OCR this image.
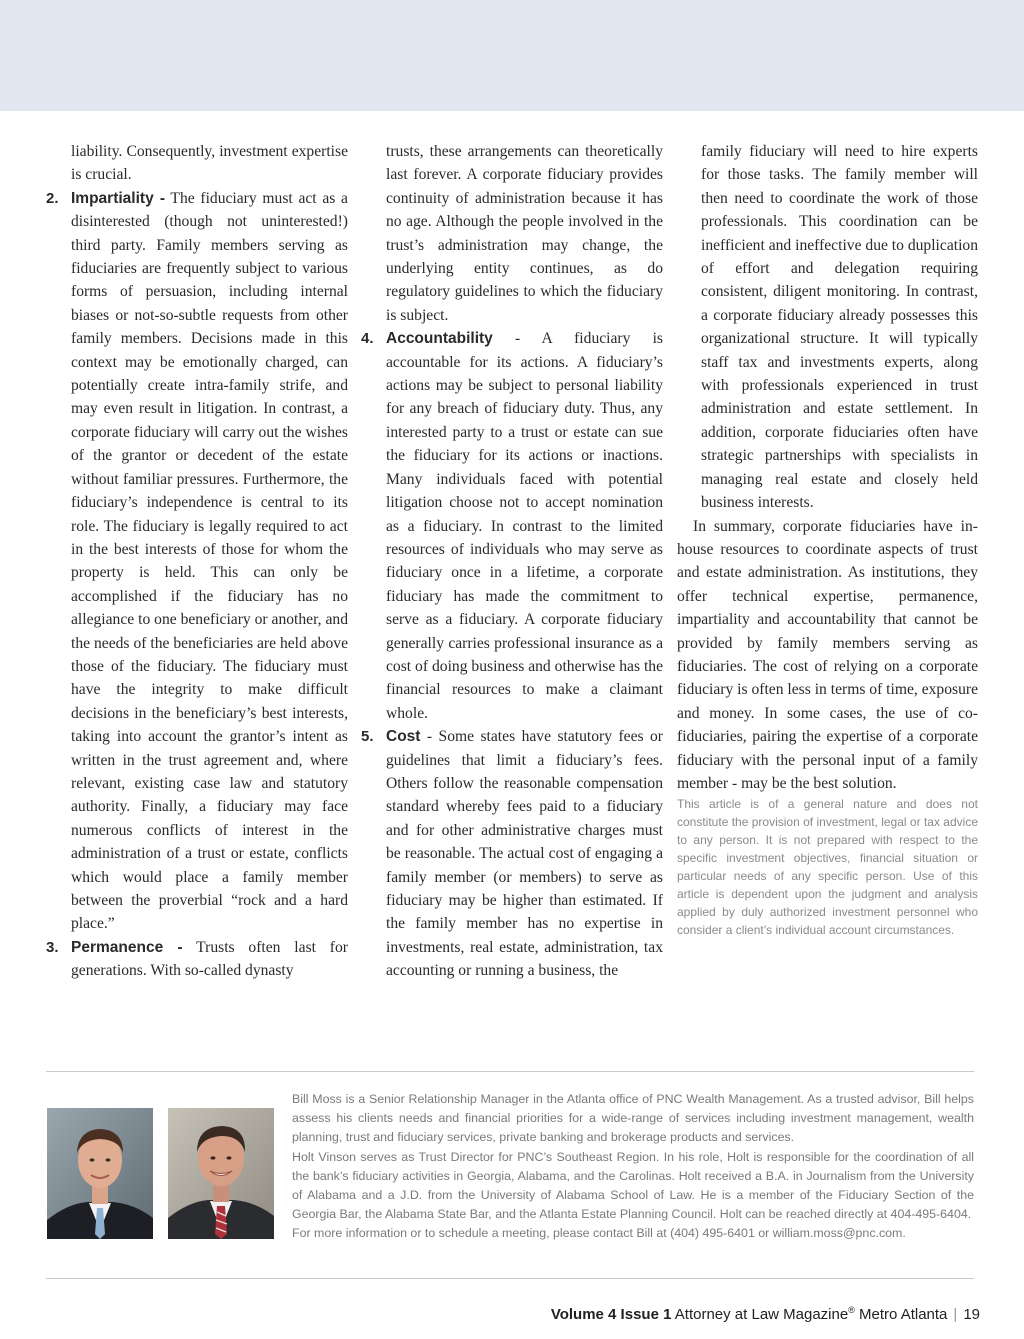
liability. Consequently, investment expertise is crucial.

2. Impartiality - The fiduciary must act as a disinterested (though not uninterested!) third party. Family members serving as fiduciaries are frequently subject to various forms of persuasion, including internal biases or not-so-subtle requests from other family members. Decisions made in this context may be emotionally charged, can potentially create intra-family strife, and may even result in litigation. In contrast, a corporate fiduciary will carry out the wishes of the grantor or decedent of the estate without familiar pressures. Furthermore, the fiduciary’s independence is central to its role. The fiduciary is legally required to act in the best interests of those for whom the property is held. This can only be accomplished if the fiduciary has no allegiance to one beneficiary or another, and the needs of the beneficiaries are held above those of the fiduciary. The fiduciary must have the integrity to make difficult decisions in the beneficiary’s best interests, taking into account the grantor’s intent as written in the trust agreement and, where relevant, existing case law and statutory authority. Finally, a fiduciary may face numerous conflicts of interest in the administration of a trust or estate, conflicts which would place a family member between the proverbial “rock and a hard place.”

3. Permanence - Trusts often last for generations. With so-called dynasty

trusts, these arrangements can theoretically last forever. A corporate fiduciary provides continuity of administration because it has no age. Although the people involved in the trust’s administration may change, the underlying entity continues, as do regulatory guidelines to which the fiduciary is subject.

4. Accountability - A fiduciary is accountable for its actions. A fiduciary’s actions may be subject to personal liability for any breach of fiduciary duty. Thus, any interested party to a trust or estate can sue the fiduciary for its actions or inactions. Many individuals faced with potential litigation choose not to accept nomination as a fiduciary. In contrast to the limited resources of individuals who may serve as fiduciary once in a lifetime, a corporate fiduciary has made the commitment to serve as a fiduciary. A corporate fiduciary generally carries professional insurance as a cost of doing business and otherwise has the financial resources to make a claimant whole.

5. Cost - Some states have statutory fees or guidelines that limit a fiduciary’s fees. Others follow the reasonable compensation standard whereby fees paid to a fiduciary and for other administrative charges must be reasonable. The actual cost of engaging a family member (or members) to serve as fiduciary may be higher than estimated. If the family member has no expertise in investments, real estate, administration, tax accounting or running a business, the

family fiduciary will need to hire experts for those tasks. The family member will then need to coordinate the work of those professionals. This coordination can be inefficient and ineffective due to duplication of effort and delegation requiring consistent, diligent monitoring. In contrast, a corporate fiduciary already possesses this organizational structure. It will typically staff tax and investments experts, along with professionals experienced in trust administration and estate settlement. In addition, corporate fiduciaries often have strategic partnerships with specialists in managing real estate and closely held business interests.

In summary, corporate fiduciaries have in-house resources to coordinate aspects of trust and estate administration. As institutions, they offer technical expertise, permanence, impartiality and accountability that cannot be provided by family members serving as fiduciaries. The cost of relying on a corporate fiduciary is often less in terms of time, exposure and money. In some cases, the use of co-fiduciaries, pairing the expertise of a corporate fiduciary with the personal input of a family member - may be the best solution.

This article is of a general nature and does not constitute the provision of investment, legal or tax advice to any person. It is not prepared with respect to the specific investment objectives, financial situation or particular needs of any specific person. Use of this article is dependent upon the judgment and analysis applied by duly authorized investment personnel who consider a client’s individual account circumstances.

Bill Moss is a Senior Relationship Manager in the Atlanta office of PNC Wealth Management. As a trusted advisor, Bill helps assess his clients needs and financial priorities for a wide-range of services including investment management, wealth planning, trust and fiduciary services, private banking and brokerage products and services.

Holt Vinson serves as Trust Director for PNC’s Southeast Region. In his role, Holt is responsible for the coordination of all the bank’s fiduciary activities in Georgia, Alabama, and the Carolinas. Holt received a B.A. in Journalism from the University of Alabama and a J.D. from the University of Alabama School of Law. He is a member of the Fiduciary Section of the Georgia Bar, the Alabama State Bar, and the Atlanta Estate Planning Council. Holt can be reached directly at 404-495-6404.

For more information or to schedule a meeting, please contact Bill at (404) 495-6401 or william.moss@pnc.com.

Volume 4 Issue 1 Attorney at Law Magazine® Metro Atlanta | 19
